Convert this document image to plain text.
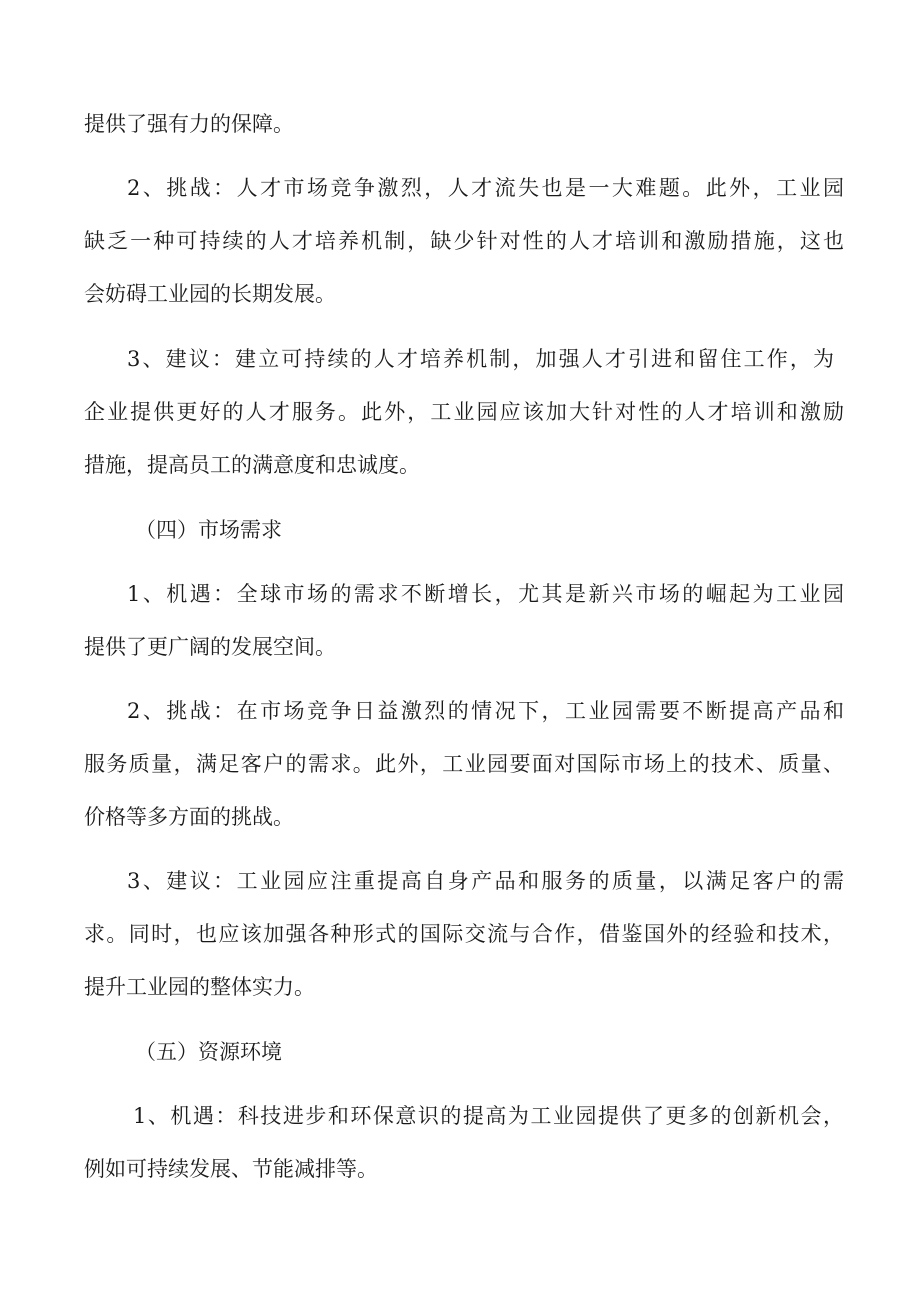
提供了强有力的保障。
2、挑战：人才市场竞争激烈，人才流失也是一大难题。此外，工业园
缺乏一种可持续的人才培养机制，缺少针对性的人才培训和激励措施，这也
会妨碍工业园的长期发展。
3、建议：建立可持续的人才培养机制，加强人才引进和留住工作，为
企业提供更好的人才服务。此外，工业园应该加大针对性的人才培训和激励
措施，提高员工的满意度和忠诚度。
（四）市场需求
1、机遇：全球市场的需求不断增长，尤其是新兴市场的崛起为工业园
提供了更广阔的发展空间。
2、挑战：在市场竞争日益激烈的情况下，工业园需要不断提高产品和
服务质量，满足客户的需求。此外，工业园要面对国际市场上的技术、质量、
价格等多方面的挑战。
3、建议：工业园应注重提高自身产品和服务的质量，以满足客户的需
求。同时，也应该加强各种形式的国际交流与合作，借鉴国外的经验和技术，
提升工业园的整体实力。
（五）资源环境
1、机遇：科技进步和环保意识的提高为工业园提供了更多的创新机会，
例如可持续发展、节能减排等。
